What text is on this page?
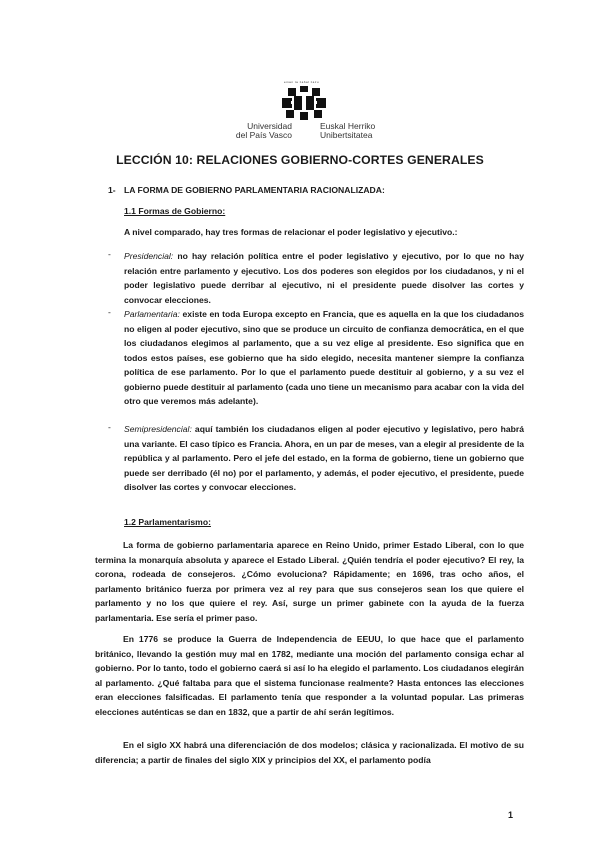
eman ta zabal zazu
Universidad
del País Vasco
Euskal Herriko
Unibertsitatea
LECCIÓN 10: RELACIONES GOBIERNO-CORTES GENERALES
1- LA FORMA DE GOBIERNO PARLAMENTARIA RACIONALIZADA:
1.1 Formas de Gobierno:
A nivel comparado, hay tres formas de relacionar el poder legislativo y ejecutivo.:
- Presidencial: no hay relación política entre el poder legislativo y ejecutivo, por lo que no hay relación entre parlamento y ejecutivo. Los dos poderes son elegidos por los ciudadanos, y ni el poder legislativo puede derribar al ejecutivo, ni el presidente puede disolver las cortes y convocar elecciones.
- Parlamentaria: existe en toda Europa excepto en Francia, que es aquella en la que los ciudadanos no eligen al poder ejecutivo, sino que se produce un circuito de confianza democrática, en el que los ciudadanos elegimos al parlamento, que a su vez elige al presidente. Eso significa que en todos estos países, ese gobierno que ha sido elegido, necesita mantener siempre la confianza política de ese parlamento. Por lo que el parlamento puede destituir al gobierno, y a su vez el gobierno puede destituir al parlamento (cada uno tiene un mecanismo para acabar con la vida del otro que veremos más adelante).
- Semipresidencial: aquí también los ciudadanos eligen al poder ejecutivo y legislativo, pero habrá una variante. El caso típico es Francia. Ahora, en un par de meses, van a elegir al presidente de la república y al parlamento. Pero el jefe del estado, en la forma de gobierno, tiene un gobierno que puede ser derribado (él no) por el parlamento, y además, el poder ejecutivo, el presidente, puede disolver las cortes y convocar elecciones.
1.2 Parlamentarismo:
La forma de gobierno parlamentaria aparece en Reino Unido, primer Estado Liberal, con lo que termina la monarquía absoluta y aparece el Estado Liberal. ¿Quién tendría el poder ejecutivo? El rey, la corona, rodeada de consejeros. ¿Cómo evoluciona? Rápidamente; en 1696, tras ocho años, el parlamento británico fuerza por primera vez al rey para que sus consejeros sean los que quiere el parlamento y no los que quiere el rey. Así, surge un primer gabinete con la ayuda de la fuerza parlamentaria. Ese sería el primer paso.
En 1776 se produce la Guerra de Independencia de EEUU, lo que hace que el parlamento británico, llevando la gestión muy mal en 1782, mediante una moción del parlamento consiga echar al gobierno. Por lo tanto, todo el gobierno caerá si así lo ha elegido el parlamento. Los ciudadanos elegirán al parlamento. ¿Qué faltaba para que el sistema funcionase realmente? Hasta entonces las elecciones eran elecciones falsificadas. El parlamento tenía que responder a la voluntad popular. Las primeras elecciones auténticas se dan en 1832, que a partir de ahí serán legítimos.
En el siglo XX habrá una diferenciación de dos modelos; clásica y racionalizada. El motivo de su diferencia; a partir de finales del siglo XIX y principios del XX, el parlamento podía
1
